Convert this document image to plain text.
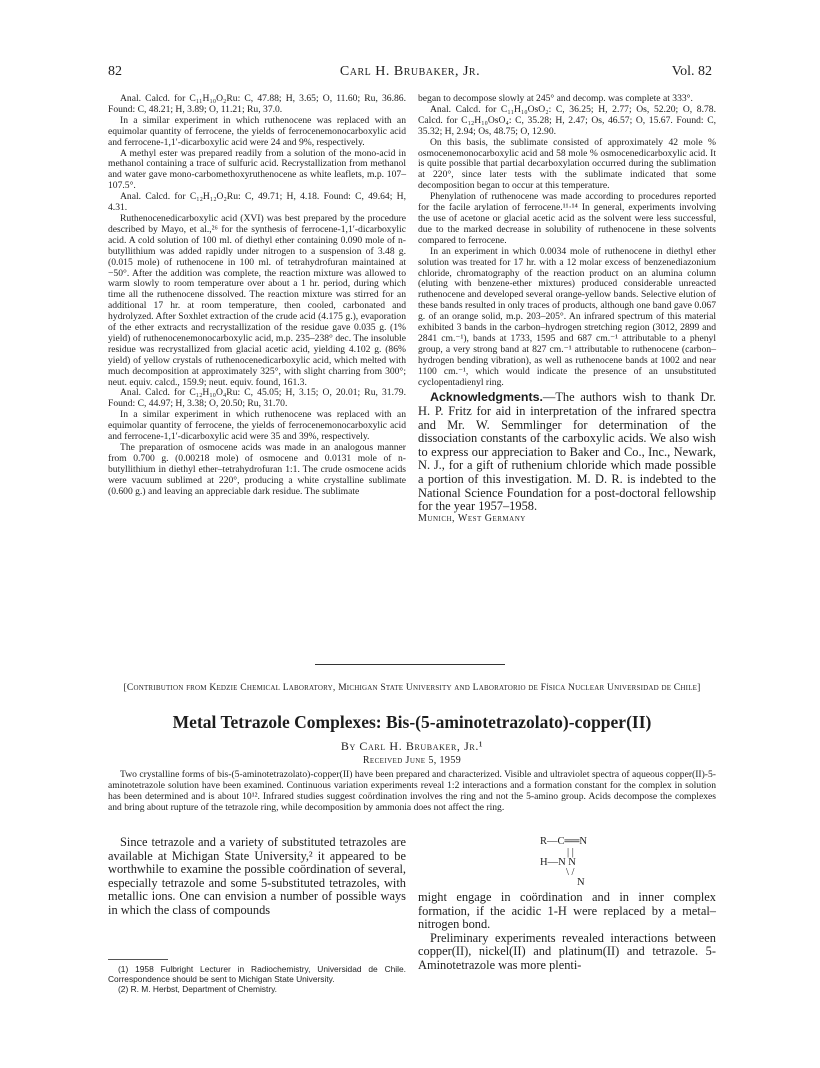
82	Carl H. Brubaker, Jr.	Vol. 82

Anal. Calcd. for C₁₁H₁₀O₂Ru: C, 47.88; H, 3.65; O, 11.60; Ru, 36.86. Found: C, 48.21; H, 3.89; O, 11.21; Ru, 37.0.

In a similar experiment in which ruthenocene was replaced with an equimolar quantity of ferrocene, the yields of ferrocenemonocarboxylic acid and ferrocene-1,1′-dicarboxylic acid were 24 and 9%, respectively.

A methyl ester was prepared readily from a solution of the mono-acid in methanol containing a trace of sulfuric acid. Recrystallization from methanol and water gave mono-carbomethoxyruthenocene as white leaflets, m.p. 107–107.5°.

Anal. Calcd. for C₁₂H₁₂O₂Ru: C, 49.71; H, 4.18. Found: C, 49.64; H, 4.31.

Ruthenocenedicarboxylic acid (XVI) was best prepared by the procedure described by Mayo, et al.,²⁶ for the synthesis of ferrocene-1,1′-dicarboxylic acid. A cold solution of 100 ml. of diethyl ether containing 0.090 mole of n-butyllithium was added rapidly under nitrogen to a suspension of 3.48 g. (0.015 mole) of ruthenocene in 100 ml. of tetrahydrofuran maintained at −50°. After the addition was complete, the reaction mixture was allowed to warm slowly to room temperature over about a 1 hr. period, during which time all the ruthenocene dissolved. The reaction mixture was stirred for an additional 17 hr. at room temperature, then cooled, carbonated and hydrolyzed. After Soxhlet extraction of the crude acid (4.175 g.), evaporation of the ether extracts and recrystallization of the residue gave 0.035 g. (1% yield) of ruthenocenemonocarboxylic acid, m.p. 235–238° dec. The insoluble residue was recrystallized from glacial acetic acid, yielding 4.102 g. (86% yield) of yellow crystals of ruthenocenedicarboxylic acid, which melted with much decomposition at approximately 325°, with slight charring from 300°; neut. equiv. calcd., 159.9; neut. equiv. found, 161.3.

Anal. Calcd. for C₁₂H₁₀O₄Ru: C, 45.05; H, 3.15; O, 20.01; Ru, 31.79. Found: C, 44.97; H, 3.38; O, 20.50; Ru, 31.70.

In a similar experiment in which ruthenocene was replaced with an equimolar quantity of ferrocene, the yields of ferrocenemonocarboxylic acid and ferrocene-1,1′-dicarboxylic acid were 35 and 39%, respectively.

The preparation of osmocene acids was made in an analogous manner from 0.700 g. (0.00218 mole) of osmocene and 0.0131 mole of n-butyllithium in diethyl ether–tetrahydrofuran 1:1. The crude osmocene acids were vacuum sublimed at 220°, producing a white crystalline sublimate (0.600 g.) and leaving an appreciable dark residue. The sublimate

began to decompose slowly at 245° and decomp. was complete at 333°.

Anal. Calcd. for C₁₁H₁₀OsO₂: C, 36.25; H, 2.77; Os, 52.20; O, 8.78. Calcd. for C₁₂H₁₀OsO₄: C, 35.28; H, 2.47; Os, 46.57; O, 15.67. Found: C, 35.32; H, 2.94; Os, 48.75; O, 12.90.

On this basis, the sublimate consisted of approximately 42 mole % osmocenemonocarboxylic acid and 58 mole % osmocenedicarboxylic acid. It is quite possible that partial decarboxylation occurred during the sublimation at 220°, since later tests with the sublimate indicated that some decomposition began to occur at this temperature.

Phenylation of ruthenocene was made according to procedures reported for the facile arylation of ferrocene.¹¹·¹⁴ In general, experiments involving the use of acetone or glacial acetic acid as the solvent were less successful, due to the marked decrease in solubility of ruthenocene in these solvents compared to ferrocene.

In an experiment in which 0.0034 mole of ruthenocene in diethyl ether solution was treated for 17 hr. with a 12 molar excess of benzenediazonium chloride, chromatography of the reaction product on an alumina column (eluting with benzene-ether mixtures) produced considerable unreacted ruthenocene and developed several orange-yellow bands. Selective elution of these bands resulted in only traces of products, although one band gave 0.067 g. of an orange solid, m.p. 203–205°. An infrared spectrum of this material exhibited 3 bands in the carbon–hydrogen stretching region (3012, 2899 and 2841 cm.⁻¹), bands at 1733, 1595 and 687 cm.⁻¹ attributable to a phenyl group, a very strong band at 827 cm.⁻¹ attributable to ruthenocene (carbon–hydrogen bending vibration), as well as ruthenocene bands at 1002 and near 1100 cm.⁻¹, which would indicate the presence of an unsubstituted cyclopentadienyl ring.

Acknowledgments.—The authors wish to thank Dr. H. P. Fritz for aid in interpretation of the infrared spectra and Mr. W. Semmlinger for determination of the dissociation constants of the carboxylic acids. We also wish to express our appreciation to Baker and Co., Inc., Newark, N. J., for a gift of ruthenium chloride which made possible a portion of this investigation. M. D. R. is indebted to the National Science Foundation for a post-doctoral fellowship for the year 1957–1958.

Munich, West Germany

[Contribution from Kedzie Chemical Laboratory, Michigan State University and Laboratorio de Física Nuclear Universidad de Chile]
Metal Tetrazole Complexes: Bis-(5-aminotetrazolato)-copper(II)
By Carl H. Brubaker, Jr.¹
Received June 5, 1959

Two crystalline forms of bis-(5-aminotetrazolato)-copper(II) have been prepared and characterized. Visible and ultraviolet spectra of aqueous copper(II)-5-aminotetrazole solution have been examined. Continuous variation experiments reveal 1:2 interactions and a formation constant for the complex in solution has been determined and is about 10¹². Infrared studies suggest coördination involves the ring and not the 5-amino group. Acids decompose the complexes and bring about rupture of the tetrazole ring, while decomposition by ammonia does not affect the ring.

Since tetrazole and a variety of substituted tetrazoles are available at Michigan State University,² it appeared to be worthwhile to examine the possible coördination of several, especially tetrazole and some 5-substituted tetrazoles, with metallic ions. One can envision a number of possible ways in which the class of compounds

R—C══N
| |
H—N N
\ /
N

might engage in coördination and in inner complex formation, if the acidic 1-H were replaced by a metal–nitrogen bond.

Preliminary experiments revealed interactions between copper(II), nickel(II) and platinum(II) and tetrazole. 5-Aminotetrazole was more plenti-

(1) 1958 Fulbright Lecturer in Radiochemistry, Universidad de Chile. Correspondence should be sent to Michigan State University.

(2) R. M. Herbst, Department of Chemistry.
